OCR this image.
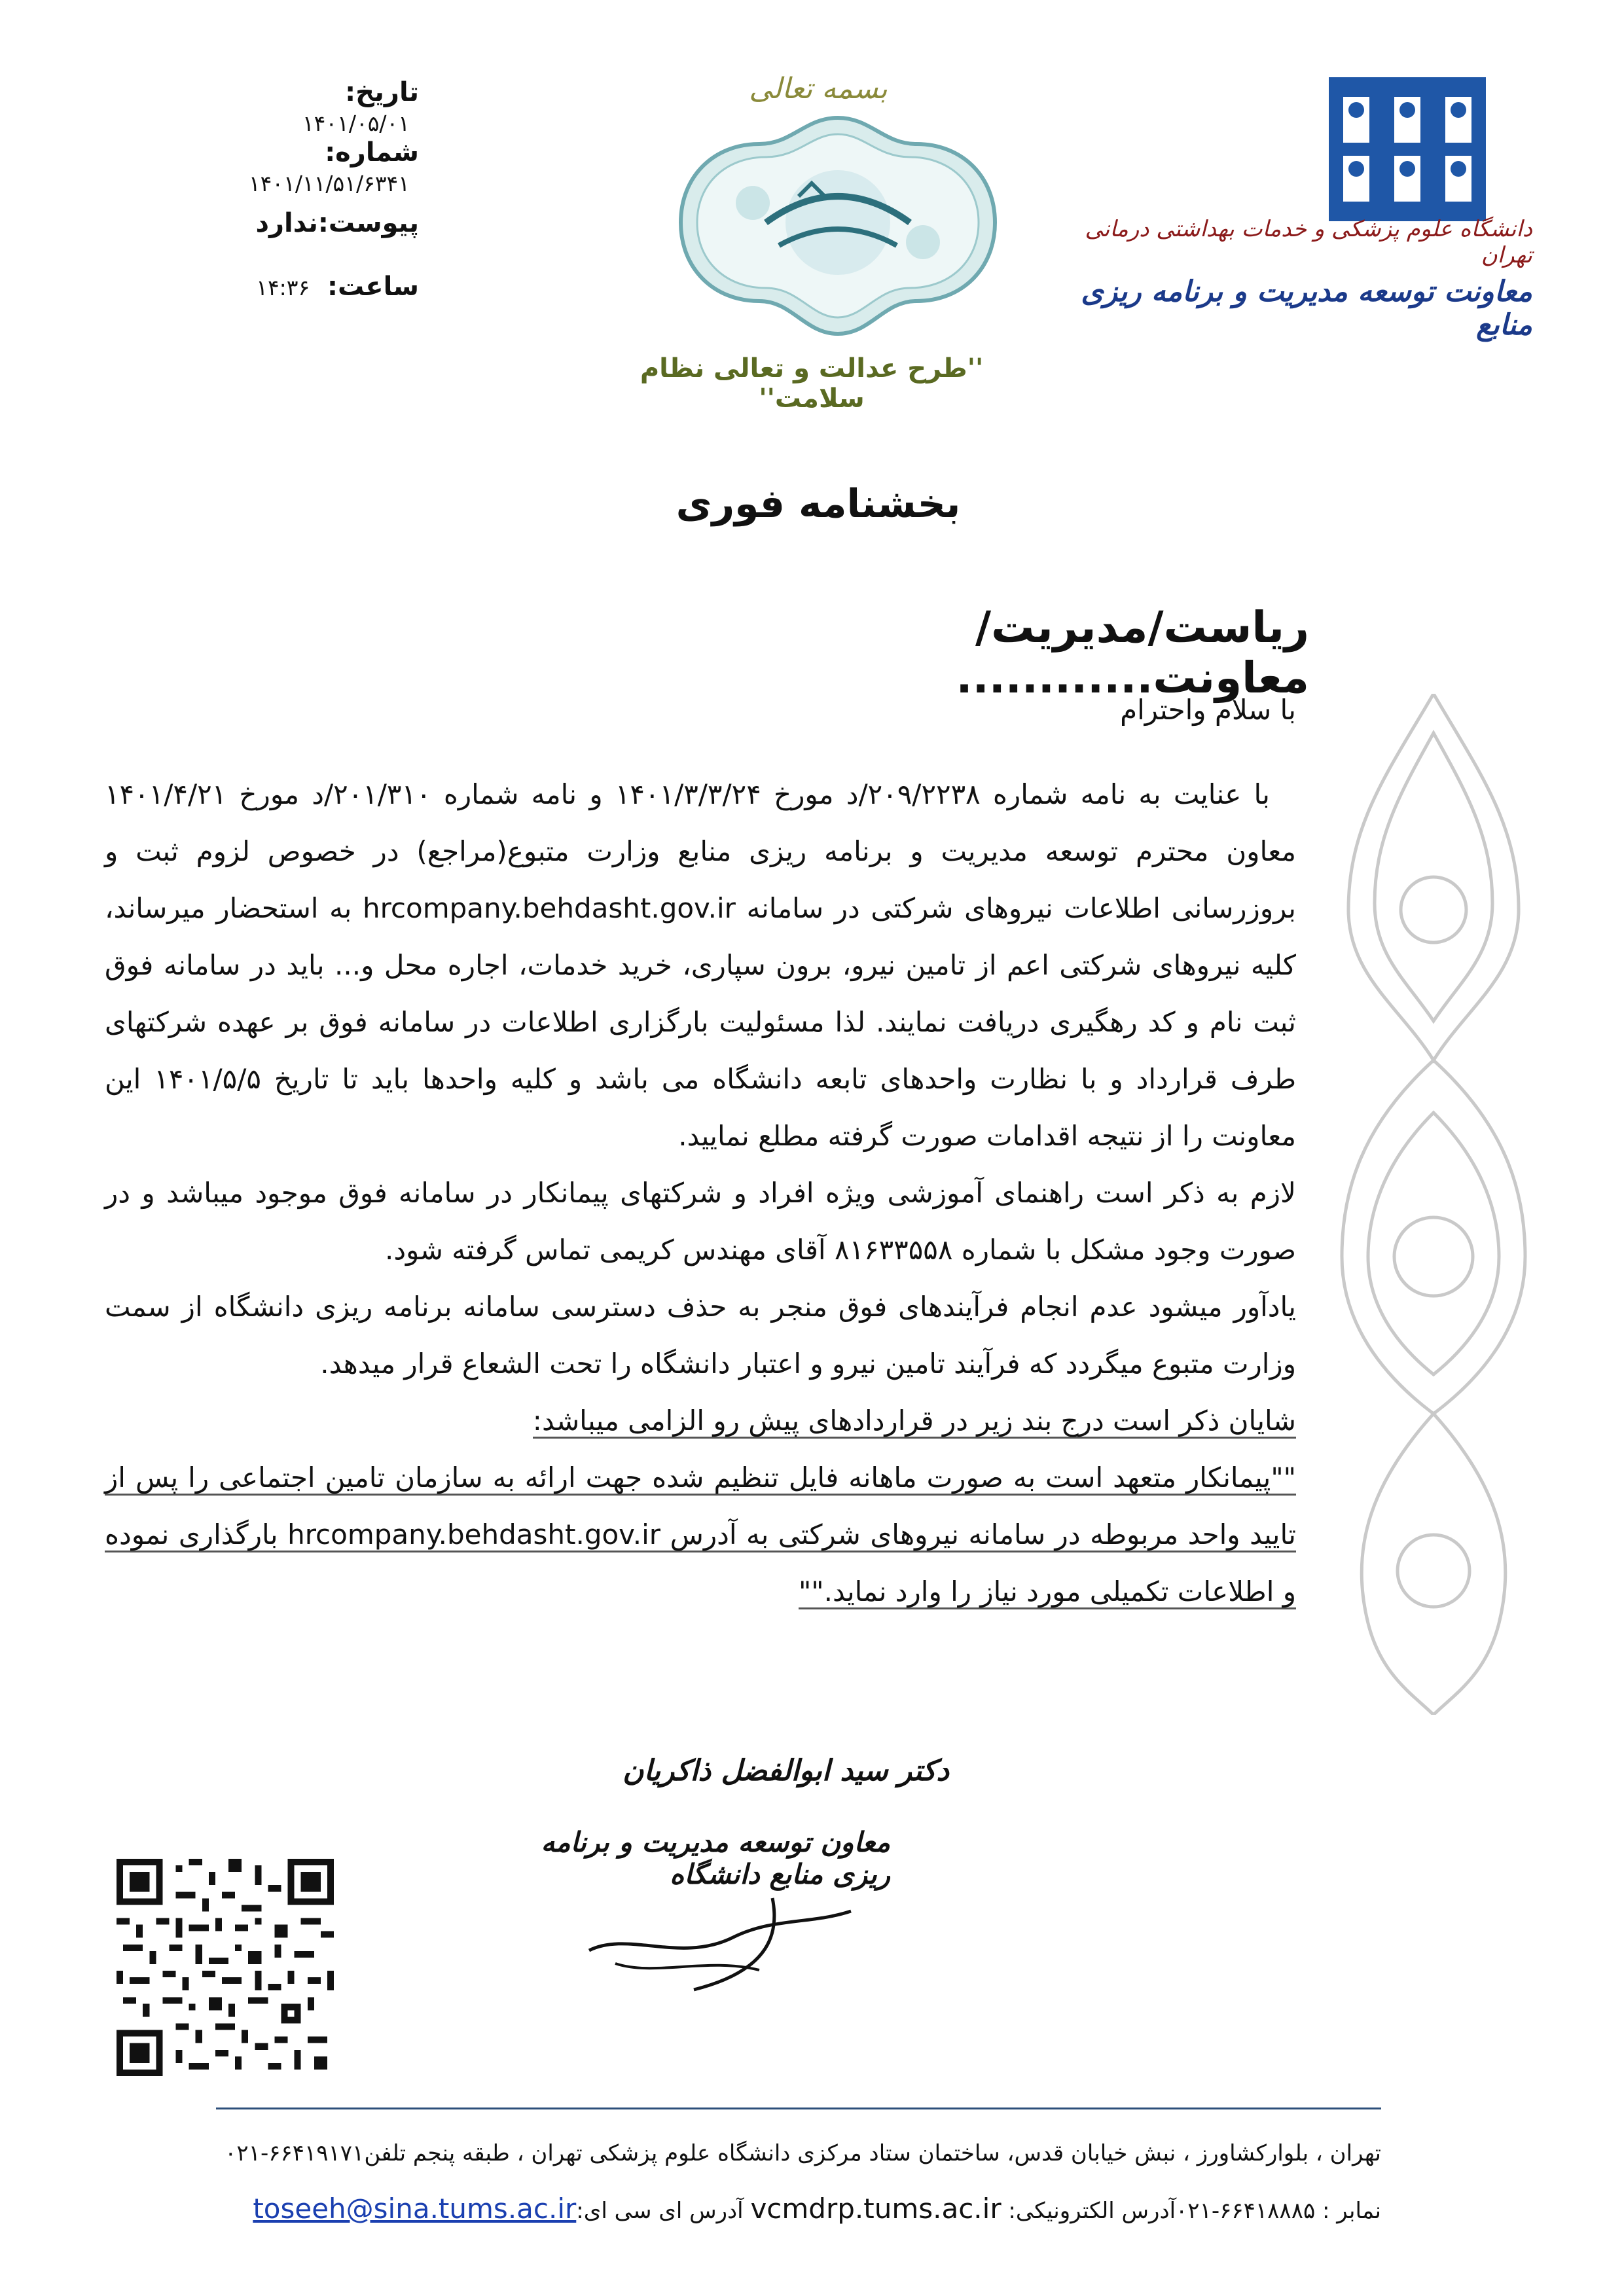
تاریخ: ۱۴۰۱/۰۵/۰۱
شماره: ۱۴۰۱/۱۱/۵۱/۶۳۴۱
پیوست:ندارد
ساعت: ۱۴:۳۶
بسمه تعالی
''طرح عدالت و تعالی نظام سلامت''
دانشگاه علوم پزشکی و خدمات بهداشتی درمانی تهران
معاونت توسعه مدیریت و برنامه ریزی منابع
بخشنامه فوری
ریاست/مدیریت/معاونت............
با سلام واحترام

با عنایت به نامه شماره ۲۰۹/۲۲۳۸/د مورخ ۱۴۰۱/۳/۳/۲۴ و نامه شماره ۲۰۱/۳۱۰/د مورخ ۱۴۰۱/۴/۲۱ معاون محترم توسعه مدیریت و برنامه ریزی منابع وزارت متبوع(مراجع) در خصوص لزوم ثبت و بروزرسانی اطلاعات نیروهای شرکتی در سامانه hrcompany.behdasht.gov.ir به استحضار میرساند، کلیه نیروهای شرکتی اعم از تامین نیرو، برون سپاری، خرید خدمات، اجاره محل و... باید در سامانه فوق ثبت نام و کد رهگیری دریافت نمایند. لذا مسئولیت بارگزاری اطلاعات در سامانه فوق بر عهده شرکتهای طرف قرارداد و با نظارت واحدهای تابعه دانشگاه می باشد و کلیه واحدها باید تا تاریخ ۱۴۰۱/۵/۵ این معاونت را از نتیجه اقدامات صورت گرفته مطلع نمایید.

لازم به ذکر است راهنمای آموزشی ویژه افراد و شرکتهای پیمانکار در سامانه فوق موجود میباشد و در صورت وجود مشکل با شماره ۸۱۶۳۳۵۵۸ آقای مهندس کریمی تماس گرفته شود.

یادآور میشود عدم انجام فرآیندهای فوق منجر به حذف دسترسی سامانه برنامه ریزی دانشگاه از سمت وزارت متبوع میگردد که فرآیند تامین نیرو و اعتبار دانشگاه را تحت الشعاع قرار میدهد.

شایان ذکر است درج بند زیر در قراردادهای پیش رو الزامی میباشد:

""پیمانکار متعهد است به صورت ماهانه فایل تنظیم شده جهت ارائه به سازمان تامین اجتماعی را پس از تایید واحد مربوطه در سامانه نیروهای شرکتی به آدرس hrcompany.behdasht.gov.ir بارگذاری نموده و اطلاعات تکمیلی مورد نیاز را وارد نماید.""

دکتر سید ابوالفضل ذاکریان
معاون توسعه مدیریت و برنامه ریزی منابع دانشگاه
تهران ، بلوارکشاورز ، نبش خیابان قدس، ساختمان ستاد مرکزی دانشگاه علوم پزشکی تهران ، طبقه پنجم تلفن۶۶۴۱۹۱۷۱-۰۲۱
نمابر : ۶۶۴۱۸۸۸۵-۰۲۱آدرس الکترونیکی: vcmdrp.tums.ac.ir آدرس ای سی ای:toseeh@sina.tums.ac.ir
